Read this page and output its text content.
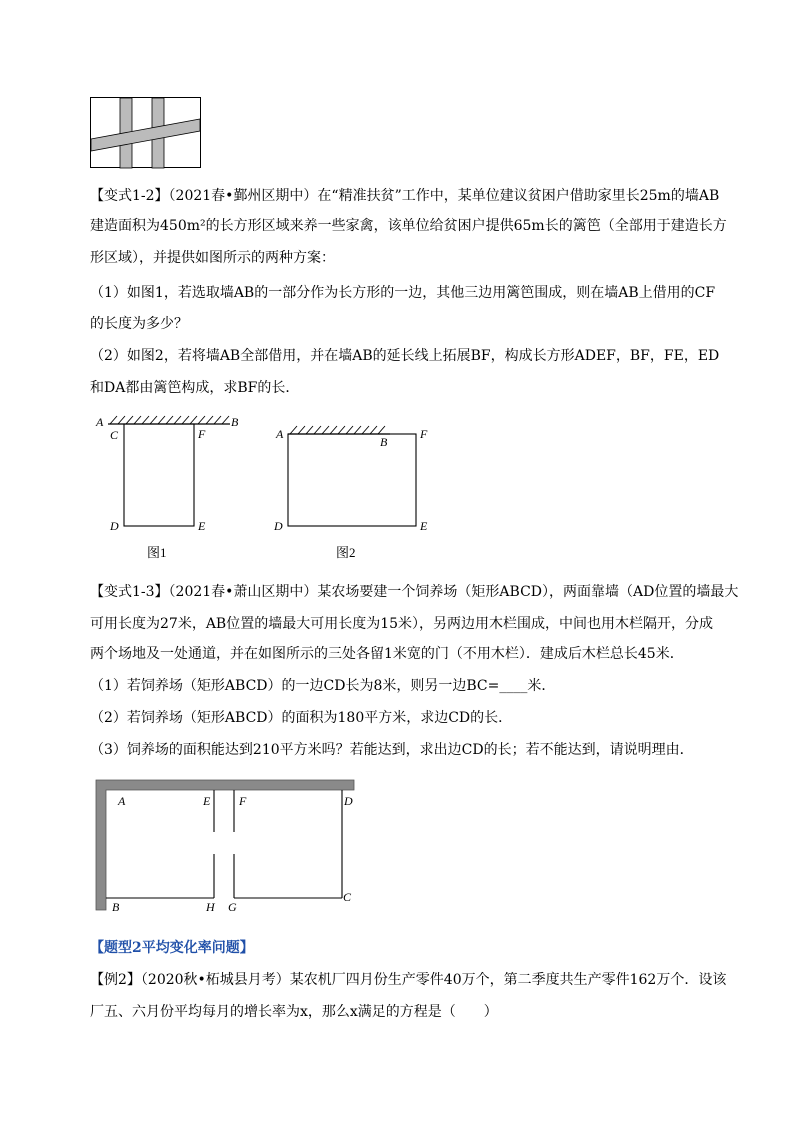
【变式1-2】（2021春•鄞州区期中）在“精准扶贫”工作中，某单位建议贫困户借助家里长25m的墙AB
建造面积为450m²的长方形区域来养一些家禽，该单位给贫困户提供65m长的篱笆（全部用于建造长方
形区域），并提供如图所示的两种方案：
（1）如图1，若选取墙AB的一部分作为长方形的一边，其他三边用篱笆围成，则在墙AB上借用的CF
的长度为多少？
（2）如图2，若将墙AB全部借用，并在墙AB的延长线上拓展BF，构成长方形ADEF，BF，FE，ED
和DA都由篱笆构成，求BF的长．
A	B
C	F
D	E
图1
A
B
F
D	E
图2
【变式1-3】（2021春•萧山区期中）某农场要建一个饲养场（矩形ABCD），两面靠墙（AD位置的墙最大
可用长度为27米，AB位置的墙最大可用长度为15米），另两边用木栏围成，中间也用木栏隔开，分成
两个场地及一处通道，并在如图所示的三处各留1米宽的门（不用木栏）．建成后木栏总长45米．
（1）若饲养场（矩形ABCD）的一边CD长为8米，则另一边BC=____米．
（2）若饲养场（矩形ABCD）的面积为180平方米，求边CD的长．
（3）饲养场的面积能达到210平方米吗？若能达到，求出边CD的长；若不能达到，请说明理由．
A	E F	D
B	H G
C
【题型2平均变化率问题】
【例2】（2020秋•柘城县月考）某农机厂四月份生产零件40万个，第二季度共生产零件162万个．设该
厂五、六月份平均每月的增长率为x，那么x满足的方程是（　　）
